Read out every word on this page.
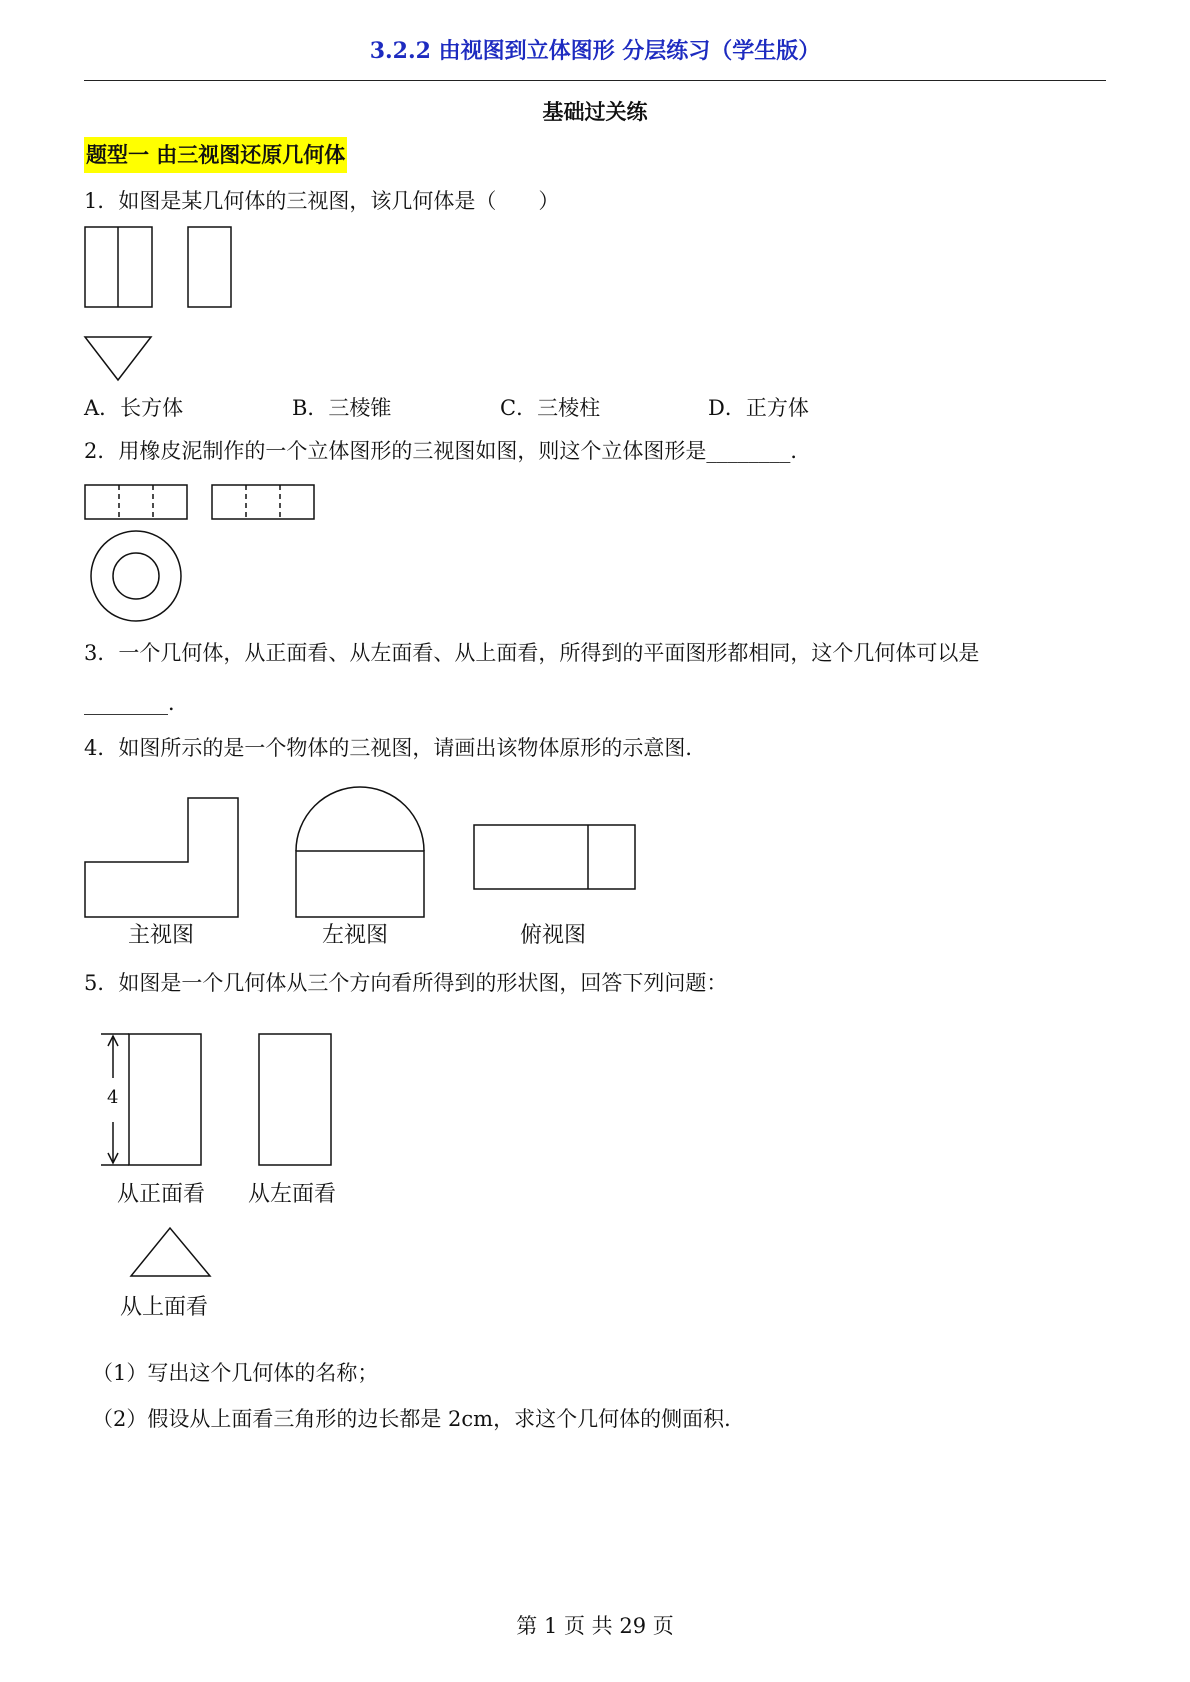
3.2.2 由视图到立体图形 分层练习（学生版）
基础过关练
题型一 由三视图还原几何体
1．如图是某几何体的三视图，该几何体是（　　）
A．长方体	B．三棱锥	C．三棱柱	D．正方体
2．用橡皮泥制作的一个立体图形的三视图如图，则这个立体图形是________．
3．一个几何体，从正面看、从左面看、从上面看，所得到的平面图形都相同，这个几何体可以是
________．
4．如图所示的是一个物体的三视图，请画出该物体原形的示意图．
主视图	左视图	俯视图
5．如图是一个几何体从三个方向看所得到的形状图，回答下列问题：
4
从正面看 从左面看
从上面看
（1）写出这个几何体的名称；
（2）假设从上面看三角形的边长都是 2cm，求这个几何体的侧面积．
第 1 页 共 29 页
